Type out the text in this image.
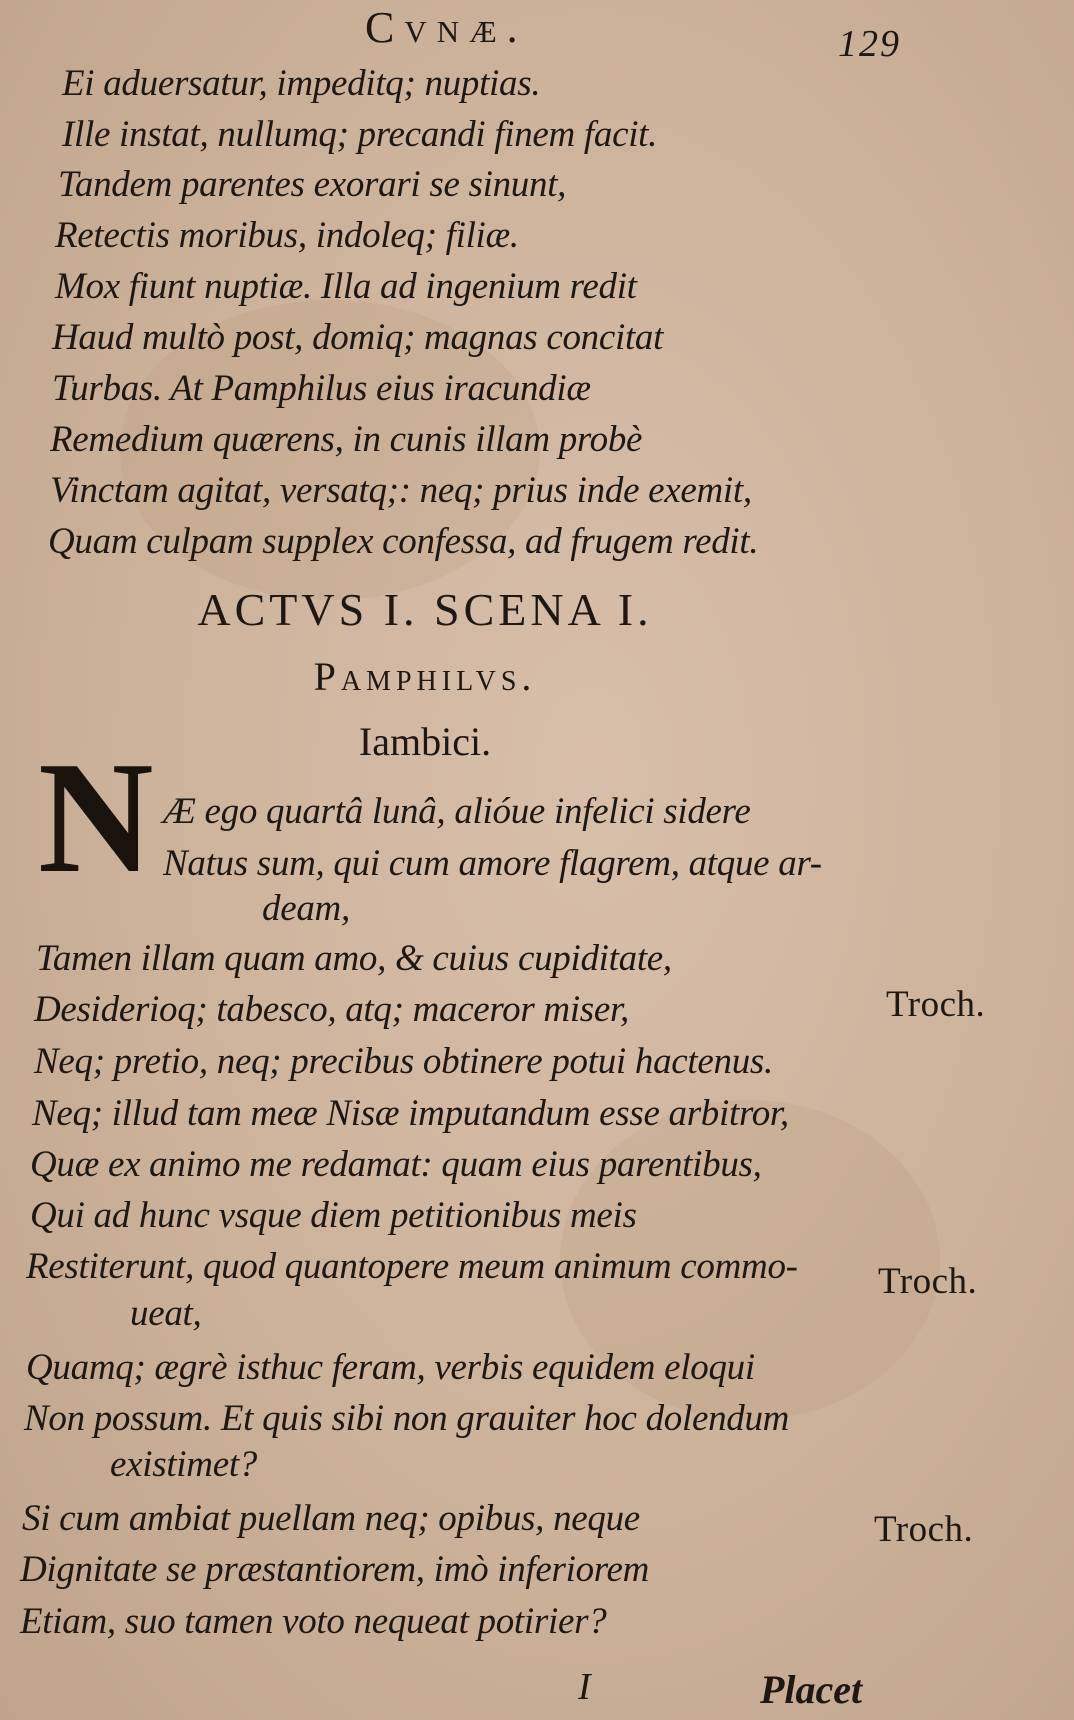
Cvnæ.	129
Ei aduersatur, impeditq; nuptias.
Ille instat, nullumq; precandi finem facit.
Tandem parentes exorari se sinunt,
Retectis moribus, indoleq; filiæ.
Mox fiunt nuptiæ. Illa ad ingenium redit
Haud multò post, domiq; magnas concitat
Turbas. At Pamphilus eius iracundiæ
Remedium quærens, in cunis illam probè
Vinctam agitat, versatq;: neq; prius inde exemit,
Quam culpam supplex confessa, ad frugem redit.
ACTVS I. SCENA I.
Pamphilvs.
Iambici.
N Æ ego quartâ lunâ, alióue infelici sidere
Natus sum, qui cum amore flagrem, atque ar-
deam,
Tamen illam quam amo, & cuius cupiditate,
Desiderioq; tabesco, atq; maceror miser,
Neq; pretio, neq; precibus obtinere potui hactenus.
Neq; illud tam meæ Nisæ imputandum esse arbitror,
Quæ ex animo me redamat: quam eius parentibus,
Qui ad hunc vsque diem petitionibus meis
Restiterunt, quod quantopere meum animum commo-
ueat,
Quamq; ægrè isthuc feram, verbis equidem eloqui
Non possum. Et quis sibi non grauiter hoc dolendum
existimet?
Si cum ambiat puellam neq; opibus, neque
Dignitate se præstantiorem, imò inferiorem
Etiam, suo tamen voto nequeat potirier?
Troch.
Troch.
Troch.
I	Placet
